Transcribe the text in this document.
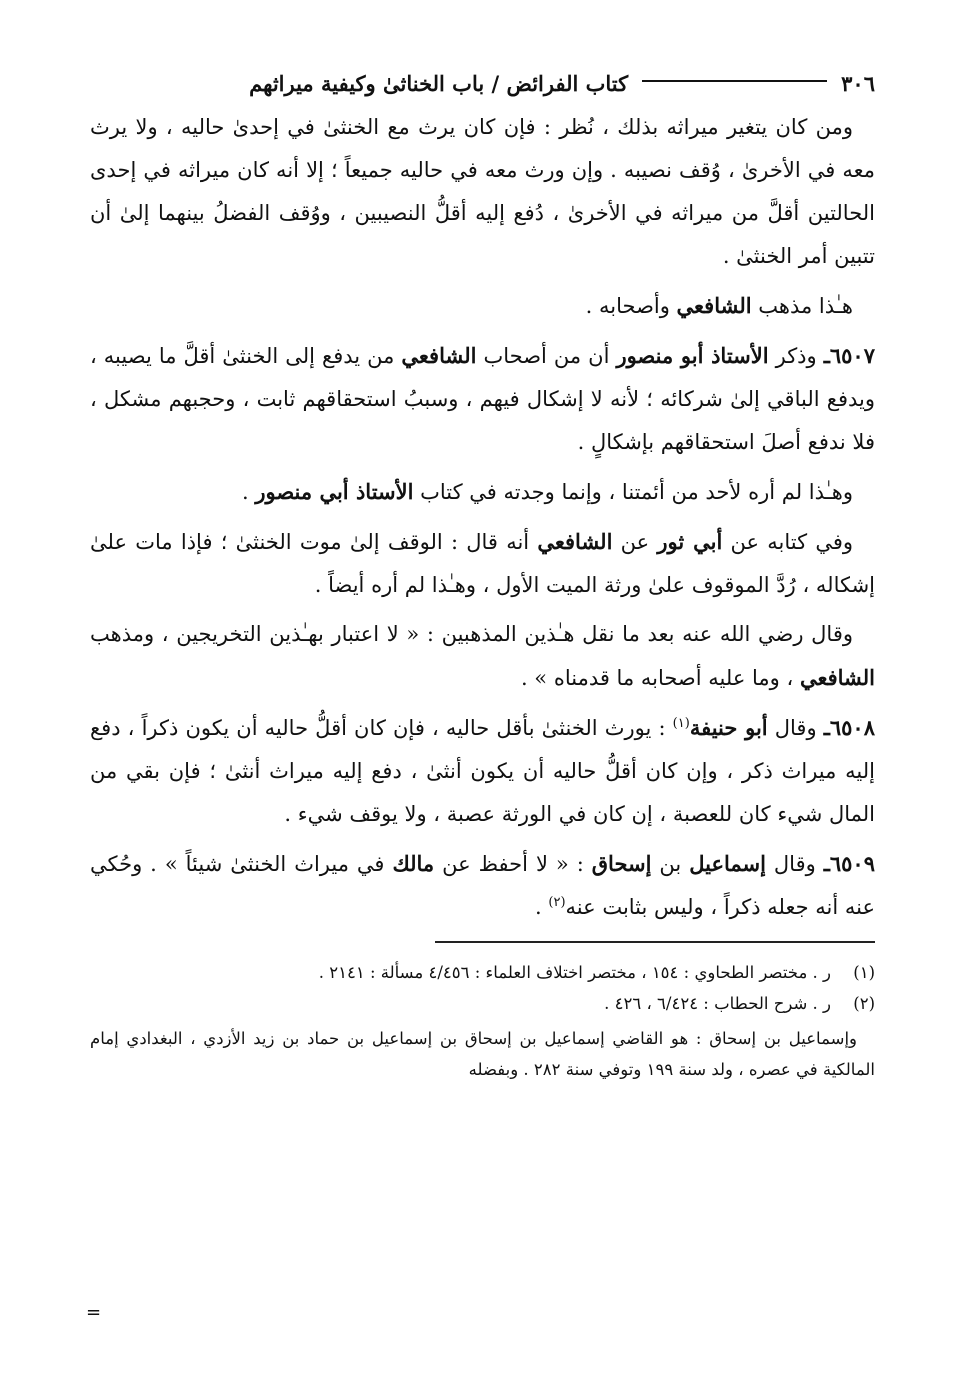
٣٠٦
كتاب الفرائض / باب الخناثىٰ وكيفية ميراثهم

ومن كان يتغير ميراثه بذلك ، نُظر : فإن كان يرث مع الخنثىٰ في إحدىٰ حاليه ، ولا يرث معه في الأخرىٰ ، وُقف نصيبه . وإن ورث معه في حاليه جميعاً ؛ إلا أنه كان ميراثه في إحدى الحالتين أقلَّ من ميراثه في الأخرىٰ ، دُفع إليه أقلُّ النصيبين ، ووُقف الفضلُ بينهما إلىٰ أن تتبين أمر الخنثىٰ .

هـٰذا مذهب الشافعي وأصحابه .

٦٥٠٧ـ وذكر الأستاذ أبو منصور أن من أصحاب الشافعي من يدفع إلى الخنثىٰ أقلَّ ما يصيبه ، ويدفع الباقي إلىٰ شركائه ؛ لأنه لا إشكال فيهم ، وسببُ استحقاقهم ثابت ، وحجبهم مشكل ، فلا ندفع أصلَ استحقاقهم بإشكالٍ .

وهـٰذا لم أره لأحد من أئمتنا ، وإنما وجدته في كتاب الأستاذ أبي منصور .

وفي كتابه عن أبي ثور عن الشافعي أنه قال : الوقف إلىٰ موت الخنثىٰ ؛ فإذا مات علىٰ إشكاله ، رُدَّ الموقوف علىٰ ورثة الميت الأول ، وهـٰذا لم أره أيضاً .

وقال رضي الله عنه بعد ما نقل هـٰذين المذهبين : « لا اعتبار بهـٰذين التخريجين ، ومذهب الشافعي ، وما عليه أصحابه ما قدمناه » .

٦٥٠٨ـ وقال أبو حنيفة$^{(١)}$ : يورث الخنثىٰ بأقل حاليه ، فإن كان أقلُّ حاليه أن يكون ذكراً ، دفع إليه ميراث ذكر ، وإن كان أقلُّ حاليه أن يكون أنثىٰ ، دفع إليه ميراث أنثىٰ ؛ فإن بقي من المال شيء كان للعصبة ، إن كان في الورثة عصبة ، ولا يوقف شيء .

٦٥٠٩ـ وقال إسماعيل بن إسحاق : « لا أحفظ عن مالك في ميراث الخنثىٰ شيئاً » . وحُكي عنه أنه جعله ذكراً ، وليس بثابت عنه$^{(٢)}$ .

(١)
ر . مختصر الطحاوي : ١٥٤ ، مختصر اختلاف العلماء : ٤/٤٥٦ مسألة : ٢١٤١ .
(٢)
ر . شرح الحطاب : ٦/٤٢٤ ، ٤٢٦ .
وإسماعيل بن إسحاق : هو القاضي إسماعيل بن إسحاق بن إسماعيل بن حماد بن زيد الأزدي ، البغدادي إمام المالكية في عصره ، ولد سنة ١٩٩ وتوفي سنة ٢٨٢ . وبفضله
=
